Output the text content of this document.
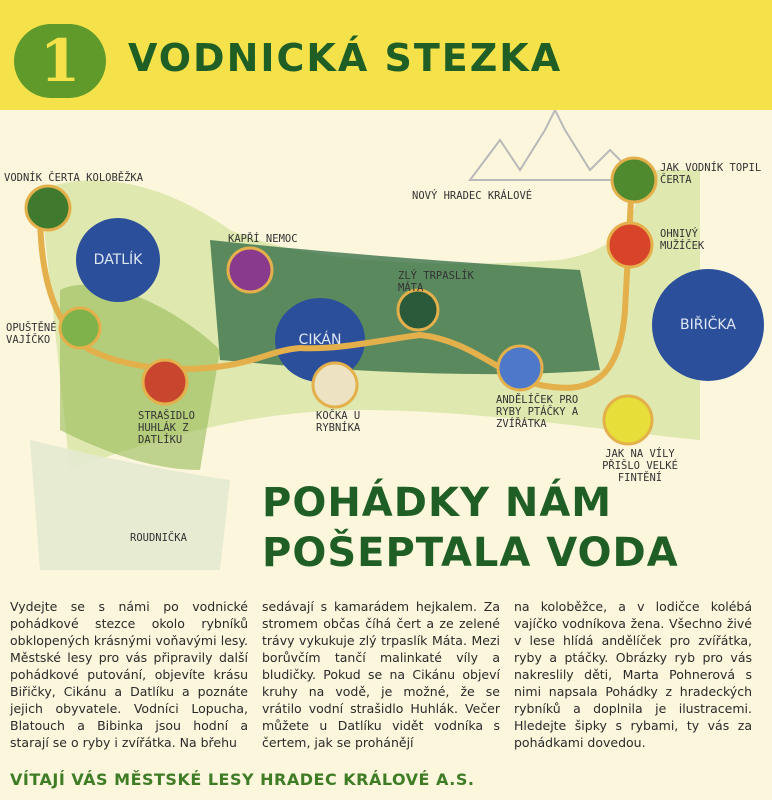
1	VODNICKÁ STEZKA
VODNÍK ČERTA KOLOBĚŽKA
OPUŠTĚNÉ VAJÍČKO
STRAŠIDLO HUHLÁK Z DATLÍKU
KAPŘÍ NEMOC
KOČKA U RYBNÍKA
ZLÝ TRPASLÍK MÁTA
ANDĚLÍČEK PRO RYBY PTÁČKY A ZVÍŘÁTKA
JAK VODNÍK TOPIL ČERTA
OHNIVÝ MUŽÍČEK
JAK NA VÍLY PŘIŠLO VELKÉ FINTĚNÍ
DATLÍK
CIKÁN
BIŘIČKA
NOVÝ HRADEC KRÁLOVÉ
ROUDNIČKA
POHÁDKY NÁM
POŠEPTALA VODA
Vydejte se s námi po vodnické pohádkové stezce okolo rybníků obklopených krásnými voňavými lesy. Městské lesy pro vás připravily další pohádkové putování, objevíte krásu Biřičky, Cikánu a Datlíku a poznáte jejich obyvatele. Vodníci Lopucha, Blatouch a Bibinka jsou hodní a starají se o ryby i zvířátka. Na břehu
sedávají s kamarádem hejkalem. Za stromem občas číhá čert a ze zelené trávy vykukuje zlý trpaslík Máta. Mezi borůvčím tančí malinkaté víly a bludičky. Pokud se na Cikánu objeví kruhy na vodě, je možné, že se vrátilo vodní strašidlo Huhlák. Večer můžete u Datlíku vidět vodníka s čertem, jak se prohánějí
na koloběžce, a v lodičce kolébá vajíčko vodníkova žena. Všechno živé v lese hlídá andělíček pro zvířátka, ryby a ptáčky. Obrázky ryb pro vás nakreslily děti, Marta Pohnerová s nimi napsala Pohádky z hradeckých rybníků a doplnila je ilustracemi. Hledejte šipky s rybami, ty vás za pohádkami dovedou.
VÍTAJÍ VÁS MĚSTSKÉ LESY HRADEC KRÁLOVÉ A.S.
